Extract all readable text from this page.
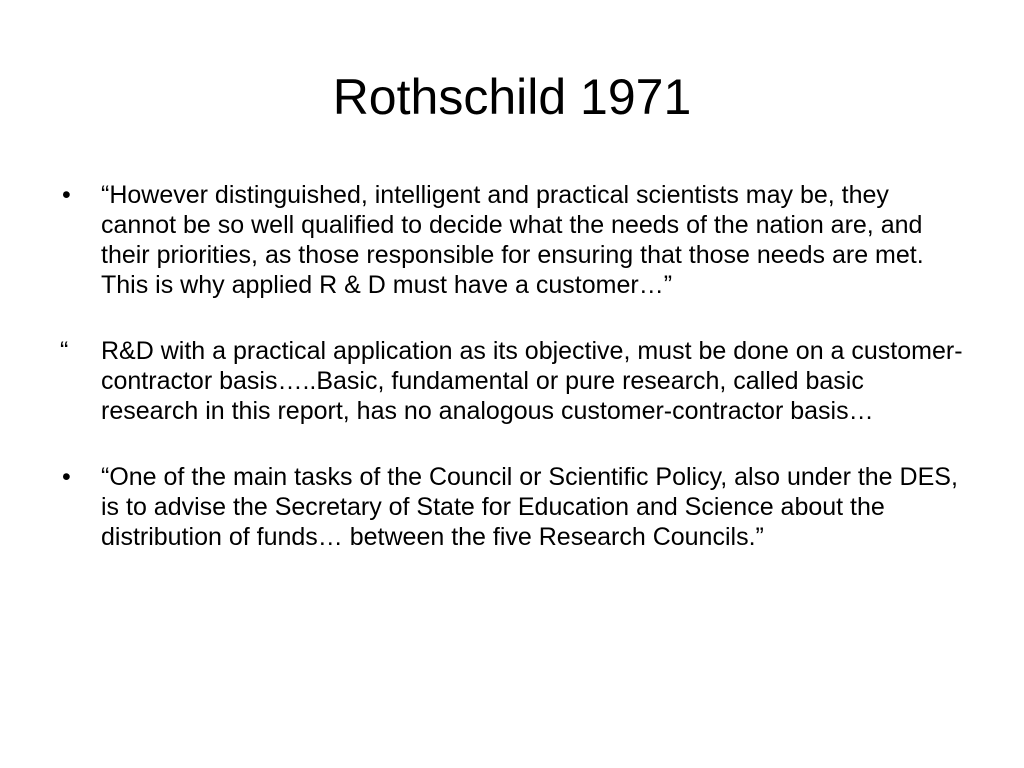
Rothschild 1971
•	“However distinguished, intelligent and practical scientists may be, they cannot be so well qualified to decide what the needs of the nation are, and their priorities, as those responsible for ensuring that those needs are met. This is why applied R & D must have a customer…”
“	R&D with a practical application as its objective, must be done on a customer-contractor basis…..Basic, fundamental or pure research, called basic research in this report, has no analogous customer-contractor basis…
•	“One of the main tasks of the Council or Scientific Policy, also under the DES, is to advise the Secretary of State for Education and Science about the distribution of funds… between the five Research Councils.”
